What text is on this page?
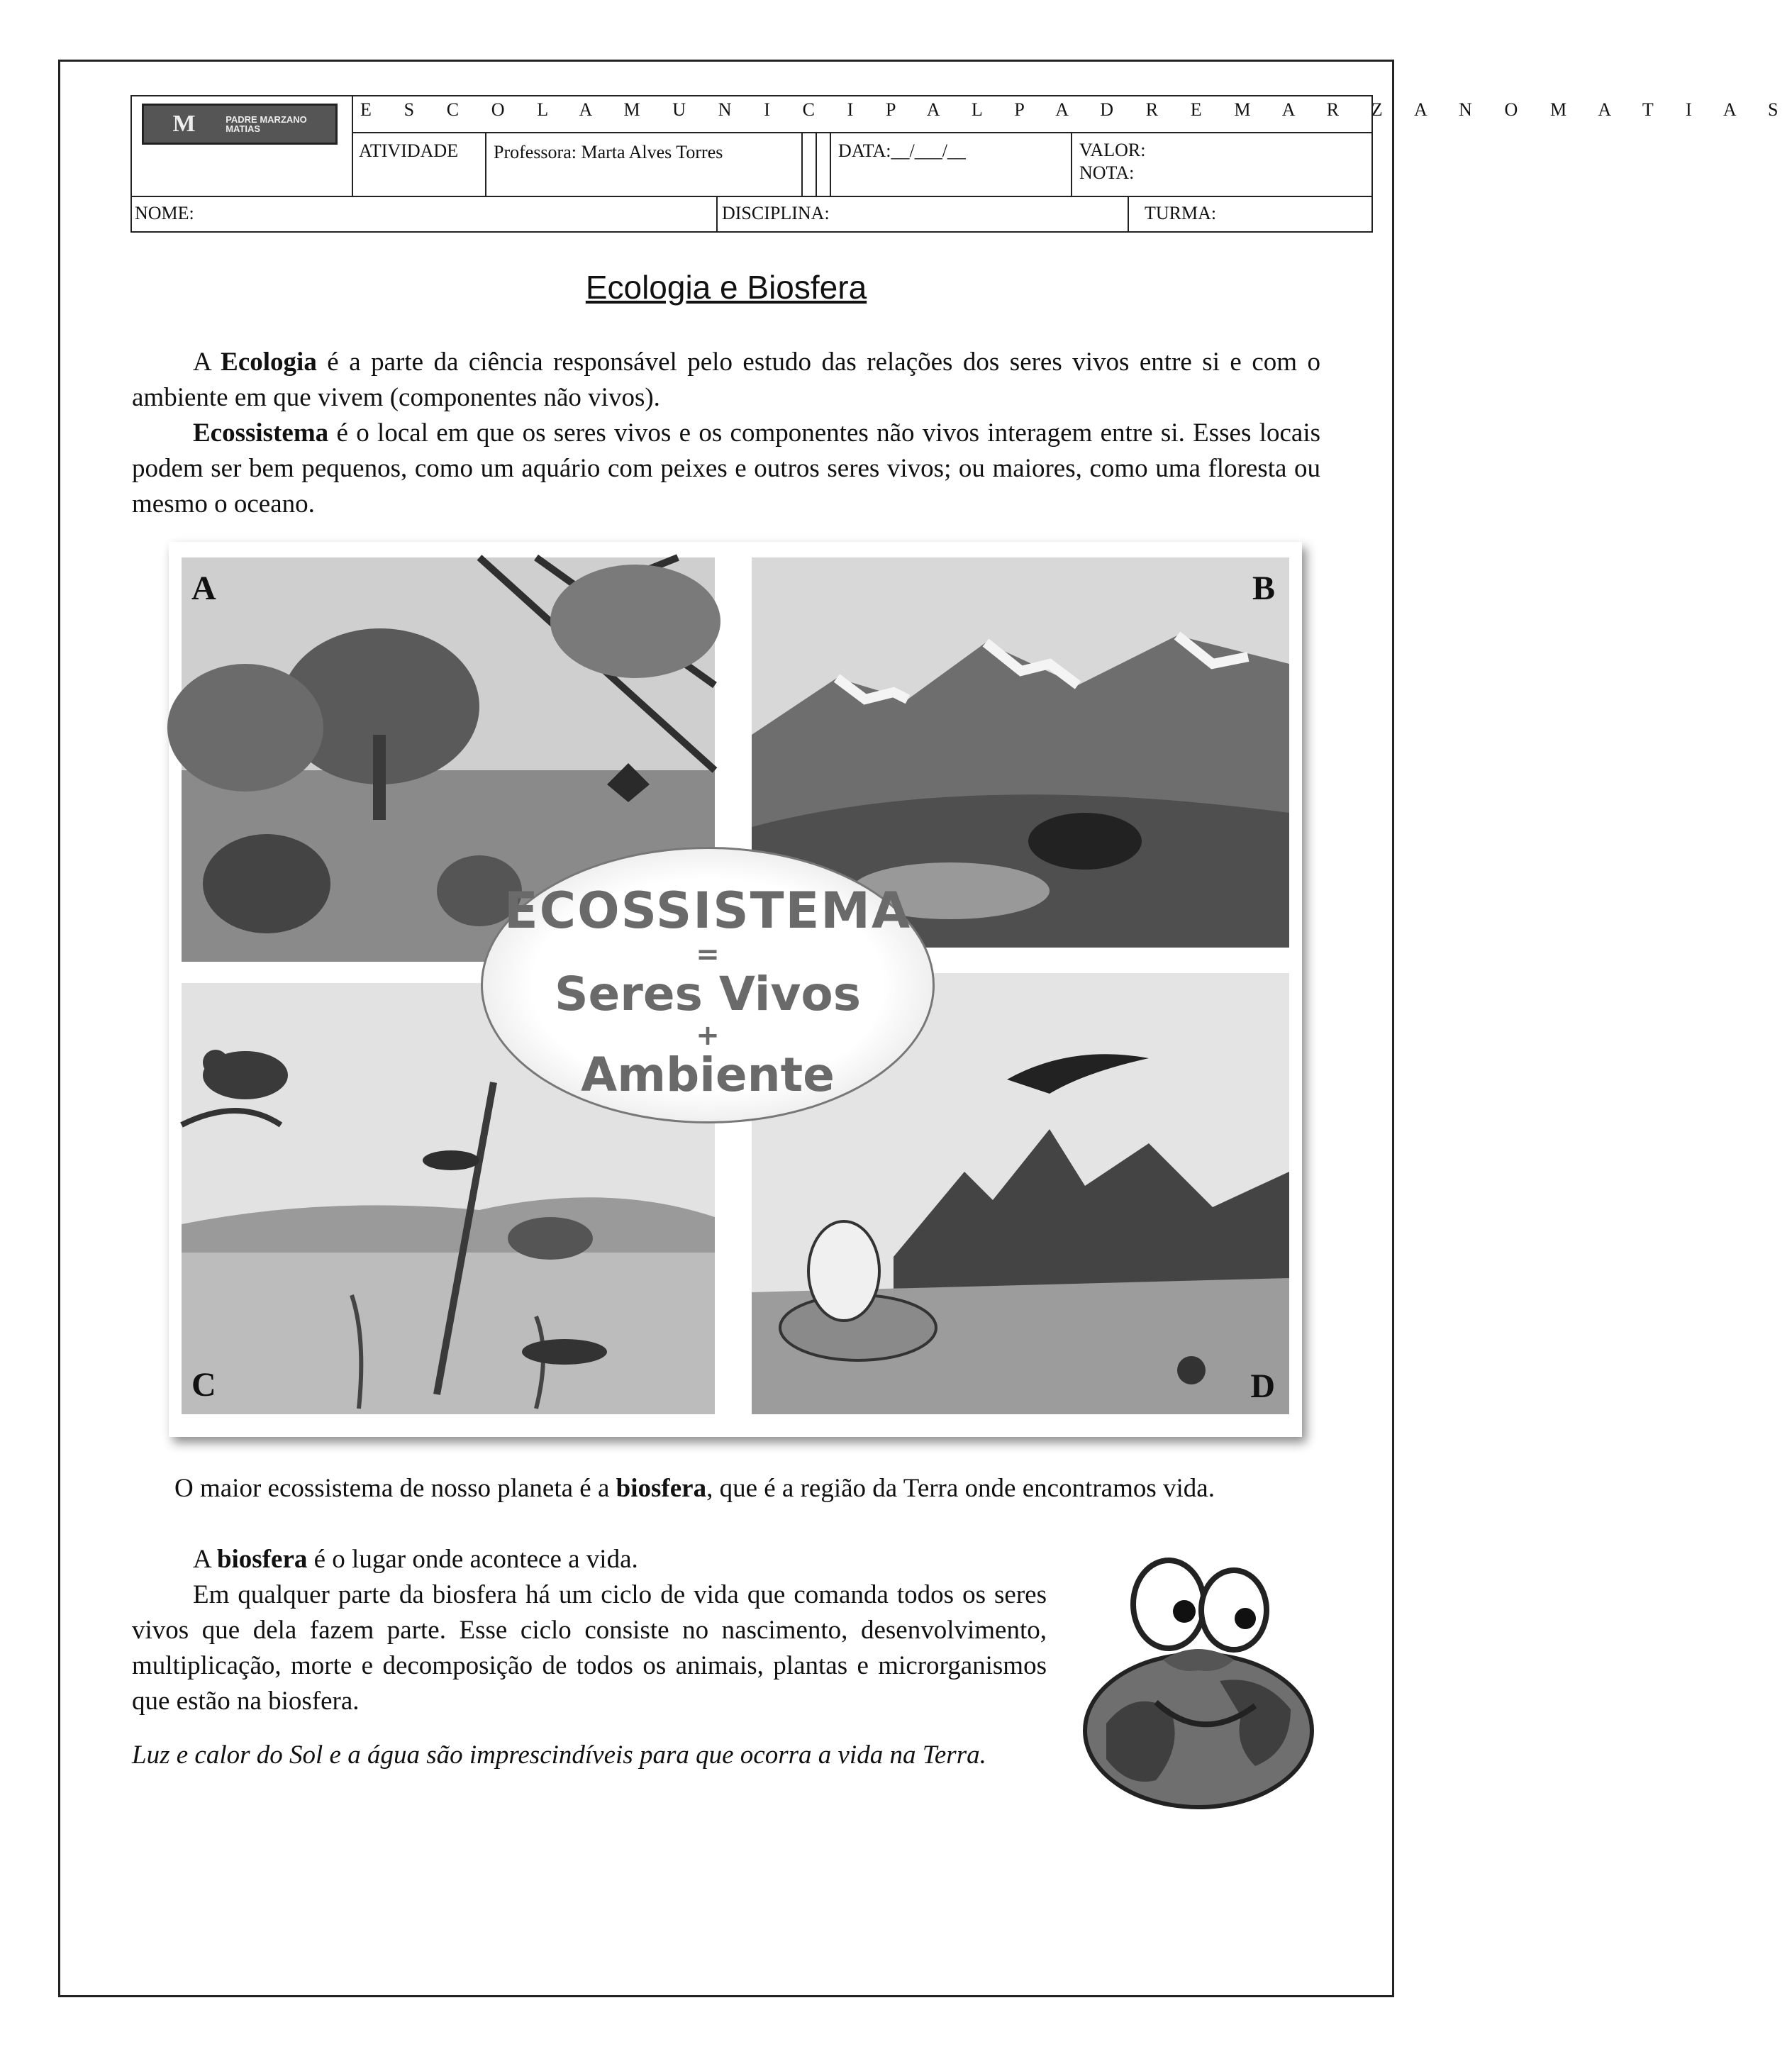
M	PADRE MARZANO MATIAS
E S C O L A M U N I C I P A L P A D R E M A R Z A N O M A T I A S
ATIVIDADE	Professora: Marta Alves Torres	DATA:__/___/__	VALOR:
NOTA:
NOME:	DISCIPLINA:	TURMA:
Ecologia e Biosfera
A Ecologia é a parte da ciência responsável pelo estudo das relações dos seres vivos entre si e com o ambiente em que vivem (componentes não vivos).
Ecossistema é o local em que os seres vivos e os componentes não vivos interagem entre si. Esses locais podem ser bem pequenos, como um aquário com peixes e outros seres vivos; ou maiores, como uma floresta ou mesmo o oceano.
A	B
C	D
ECOSSISTEMA
=
Seres Vivos
+
Ambiente
O maior ecossistema de nosso planeta é a biosfera, que é a região da Terra onde encontramos vida.
A biosfera é o lugar onde acontece a vida.
Em qualquer parte da biosfera há um ciclo de vida que comanda todos os seres vivos que dela fazem parte. Esse ciclo consiste no nascimento, desenvolvimento, multiplicação, morte e decomposição de todos os animais, plantas e microrganismos que estão na biosfera.
Luz e calor do Sol e a água são imprescindíveis para que ocorra a vida na Terra.
